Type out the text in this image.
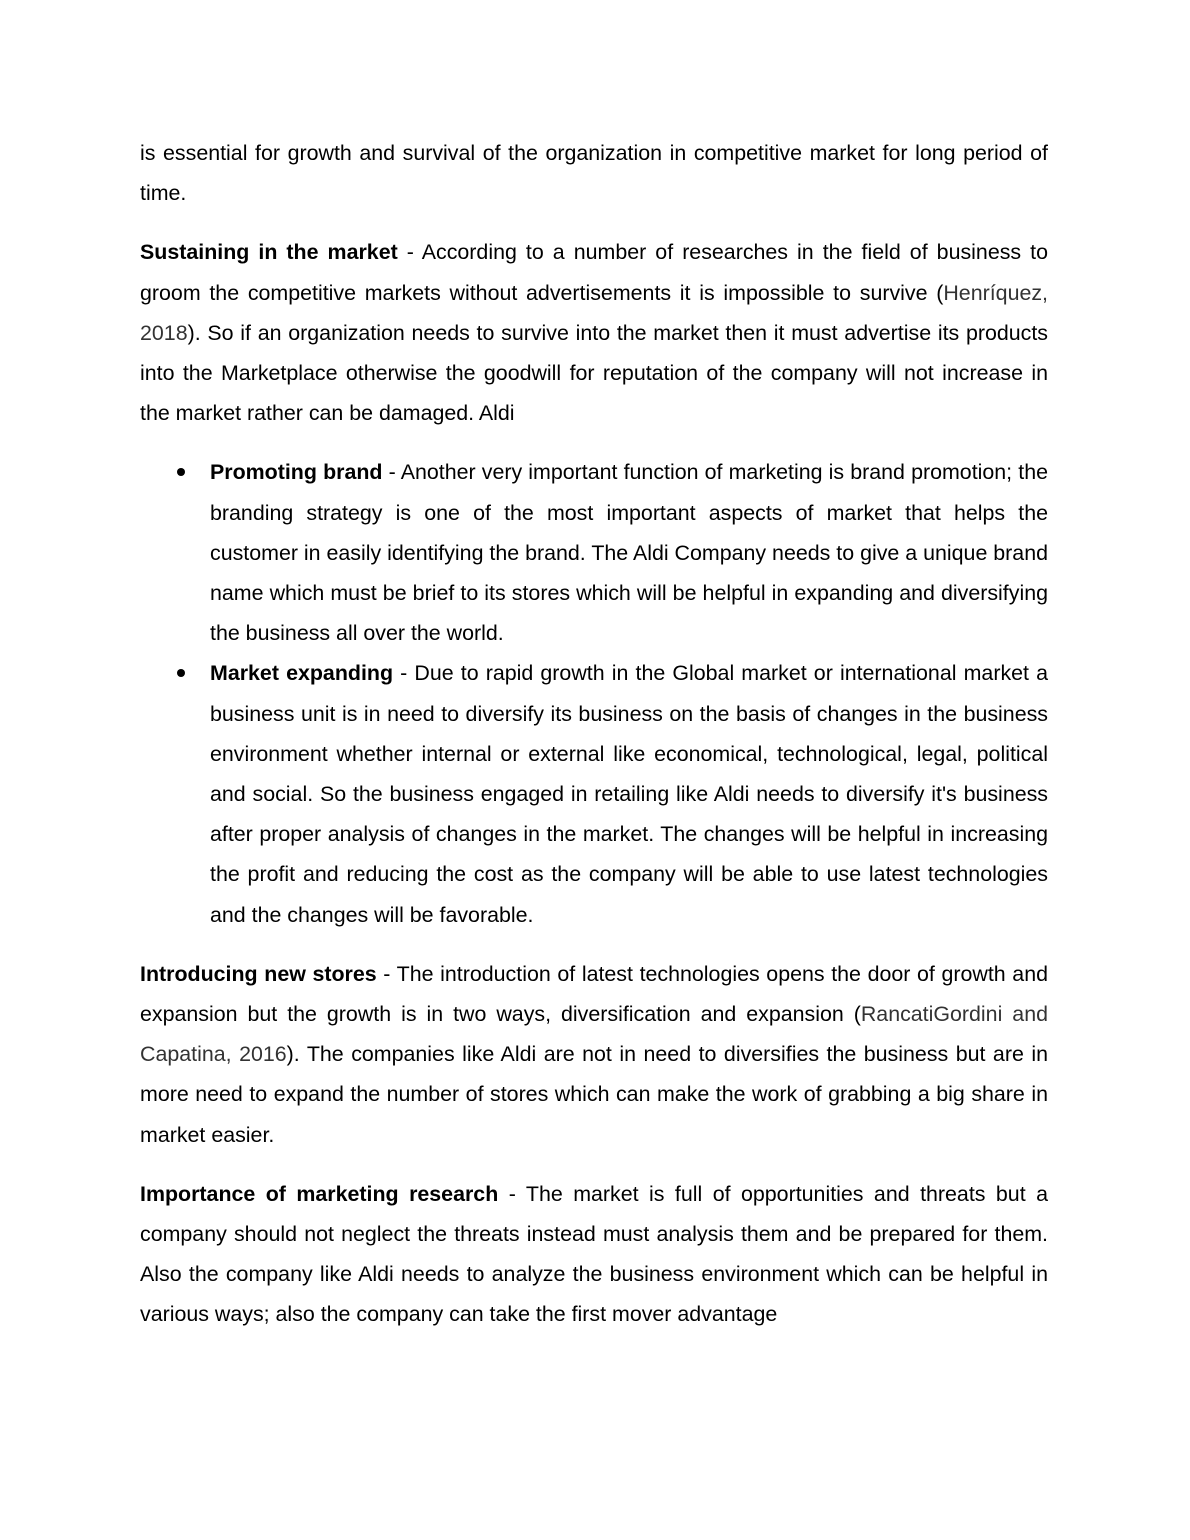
is essential for growth and survival of the organization in competitive market for long period of time.

Sustaining in the market - According to a number of researches in the field of business to groom the competitive markets without advertisements it is impossible to survive (Henríquez, 2018). So if an organization needs to survive into the market then it must advertise its products into the Marketplace otherwise the goodwill for reputation of the company will not increase in the market rather can be damaged. Aldi

Promoting brand - Another very important function of marketing is brand promotion; the branding strategy is one of the most important aspects of market that helps the customer in easily identifying the brand. The Aldi Company needs to give a unique brand name which must be brief to its stores which will be helpful in expanding and diversifying the business all over the world.
Market expanding - Due to rapid growth in the Global market or international market a business unit is in need to diversify its business on the basis of changes in the business environment whether internal or external like economical, technological, legal, political and social. So the business engaged in retailing like Aldi needs to diversify it's business after proper analysis of changes in the market. The changes will be helpful in increasing the profit and reducing the cost as the company will be able to use latest technologies and the changes will be favorable.

Introducing new stores - The introduction of latest technologies opens the door of growth and expansion but the growth is in two ways, diversification and expansion (RancatiGordini and Capatina, 2016). The companies like Aldi are not in need to diversifies the business but are in more need to expand the number of stores which can make the work of grabbing a big share in market easier.

Importance of marketing research - The market is full of opportunities and threats but a company should not neglect the threats instead must analysis them and be prepared for them. Also the company like Aldi needs to analyze the business environment which can be helpful in various ways; also the company can take the first mover advantage
